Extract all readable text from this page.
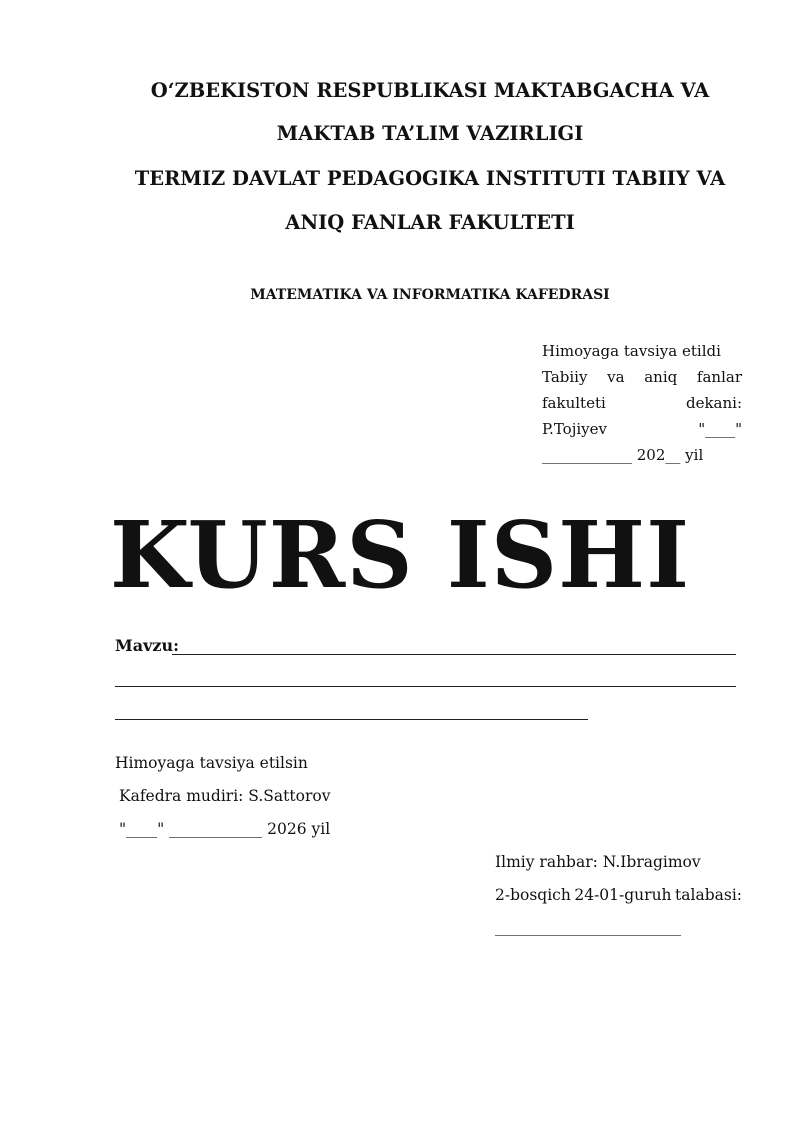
O‘ZBEKISTON RESPUBLIKASI MAKTABGACHA VA
MAKTAB TA’LIM VAZIRLIGI
TERMIZ DAVLAT PEDAGOGIKA INSTITUTI TABIIY VA
ANIQ FANLAR FAKULTETI
MATEMATIKA VA INFORMATIKA KAFEDRASI
Himoyaga tavsiya etildi
Tabiiy va aniq fanlar
fakulteti	dekani:
P.Tojiyev	"____"
____________ 202__ yil
KURS ISHI
Mavzu:
Himoyaga tavsiya etilsin
Kafedra mudiri: S.Sattorov
"____" ____________ 2026 yil
Ilmiy rahbar: N.Ibragimov
2-bosqich 24-01-guruh talabasi:
________________________
